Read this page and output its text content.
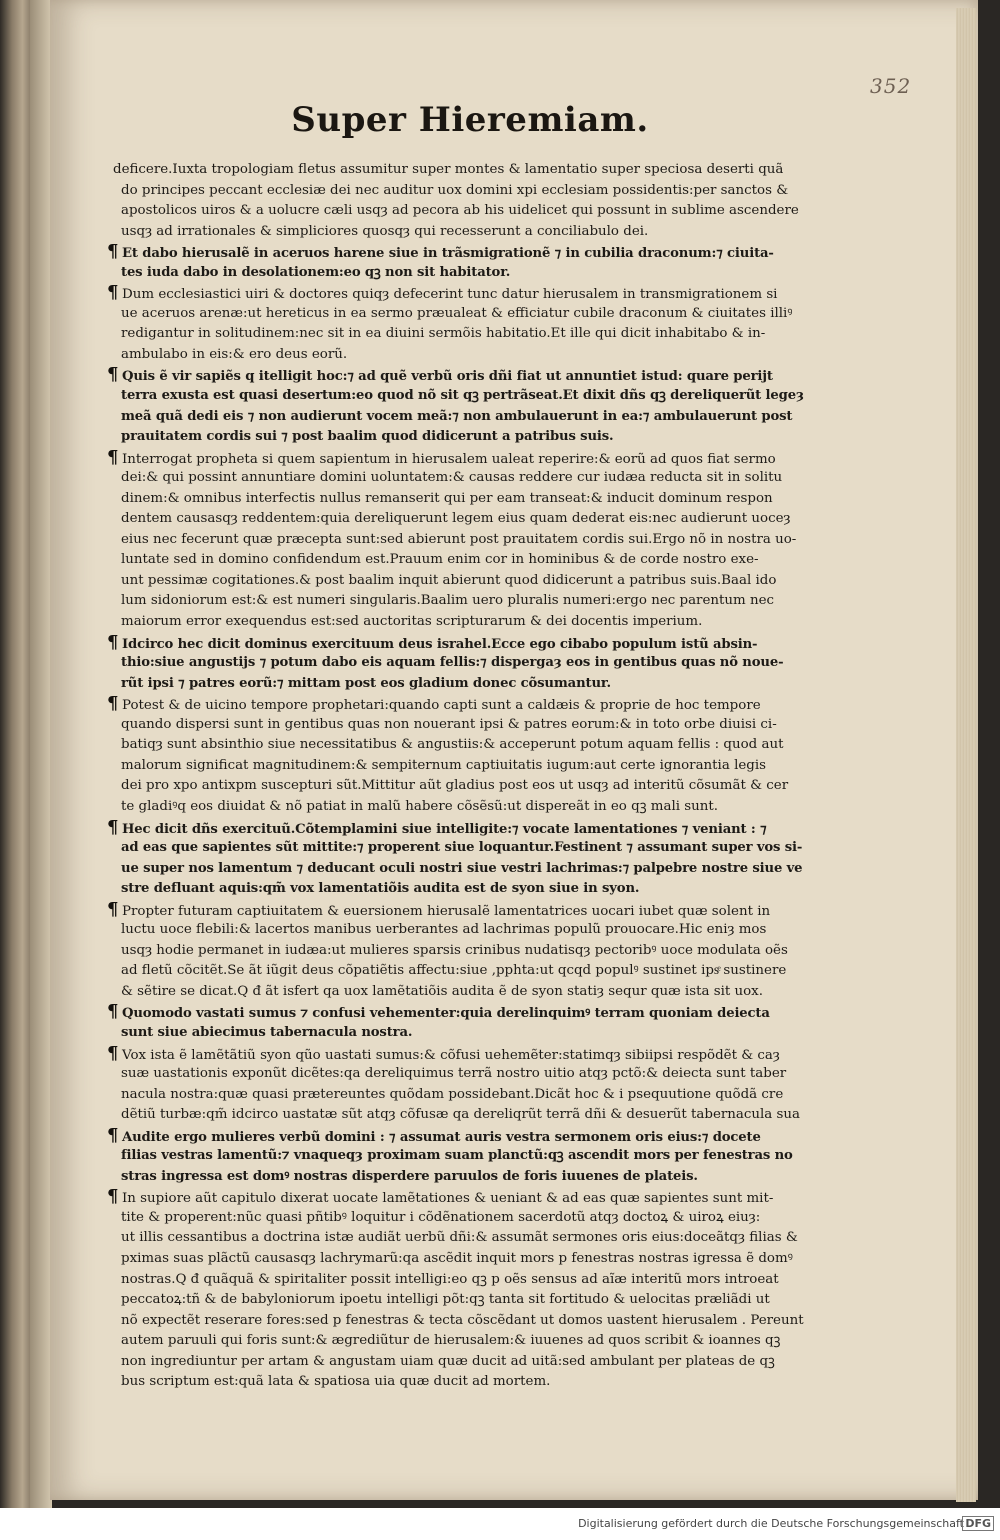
352
Super Hieremiam.
deficere.Iuxta tropologiam fletus assumitur super montes & lamentatio super speciosa deserti quã
do principes peccant ecclesiæ dei nec auditur uox domini xpi ecclesiam possidentis:per sanctos &
apostolicos uiros & a uolucre cæli usqȝ ad pecora ab his uidelicet qui possunt in sublime ascendere
usqȝ ad irrationales & simpliciores quosqȝ qui recesserunt a conciliabulo dei.
¶ Et dabo hierusalẽ in aceruos harene siue in trãsmigrationẽ ⁊ in cubilia draconum:⁊ ciuita-
tes iuda dabo in desolationem:eo qꝫ non sit habitator.
¶ Dum ecclesiastici uiri & doctores quiqȝ defecerint tunc datur hierusalem in transmigrationem si
ue aceruos arenæ:ut hereticus in ea sermo præualeat & efficiatur cubile draconum & ciuitates illiꝰ
redigantur in solitudinem:nec sit in ea diuini sermõis habitatio.Et ille qui dicit inhabitabo & in-
ambulabo in eis:& ero deus eorũ.
¶ Quis ẽ vir sapiẽs q itelligit hoc:⁊ ad quẽ verbũ oris dñi fiat ut annuntiet istud: quare perijt
terra exusta est quasi desertum:eo quod nõ sit qꝫ pertrãseat.Et dixit dñs qꝫ dereliquerũt legeȝ
meã quã dedi eis ⁊ non audierunt vocem meã:⁊ non ambulauerunt in ea:⁊ ambulauerunt post
prauitatem cordis sui ⁊ post baalim quod didicerunt a patribus suis.
¶ Interrogat propheta si quem sapientum in hierusalem ualeat reperire:& eorũ ad quos fiat sermo
dei:& qui possint annuntiare domini uoluntatem:& causas reddere cur iudæa reducta sit in solitu
dinem:& omnibus interfectis nullus remanserit qui per eam transeat:& inducit dominum respon
dentem causasqȝ reddentem:quia dereliquerunt legem eius quam dederat eis:nec audierunt uoceȝ
eius nec fecerunt quæ præcepta sunt:sed abierunt post prauitatem cordis sui.Ergo nõ in nostra uo-
luntate sed in domino confidendum est.Prauum enim cor in hominibus & de corde nostro exe-
unt pessimæ cogitationes.& post baalim inquit abierunt quod didicerunt a patribus suis.Baal ido
lum sidoniorum est:& est numeri singularis.Baalim uero pluralis numeri:ergo nec parentum nec
maiorum error exequendus est:sed auctoritas scripturarum & dei docentis imperium.
¶ Idcirco hec dicit dominus exercituum deus israhel.Ecce ego cibabo populum istũ absin-
thio:siue angustijs ⁊ potum dabo eis aquam fellis:⁊ dispergaȝ eos in gentibus quas nõ noue-
rũt ipsi ⁊ patres eorũ:⁊ mittam post eos gladium donec cõsumantur.
¶ Potest & de uicino tempore prophetari:quando capti sunt a caldæis & proprie de hoc tempore
quando dispersi sunt in gentibus quas non nouerant ipsi & patres eorum:& in toto orbe diuisi ci-
batiqȝ sunt absinthio siue necessitatibus & angustiis:& acceperunt potum aquam fellis : quod aut
malorum significat magnitudinem:& sempiternum captiuitatis iugum:aut certe ignorantia legis
dei pro xpo antixpm suscepturi sũt.Mittitur aũt gladius post eos ut usqȝ ad interitũ cõsumãt & cer
te gladiꝰq eos diuidat & nõ patiat in malũ habere cõsẽsũ:ut dispereãt in eo qꝫ mali sunt.
¶ Hec dicit dñs exercituũ.Cõtemplamini siue intelligite:⁊ vocate lamentationes ⁊ veniant : ⁊
ad eas que sapientes sũt mittite:⁊ properent siue loquantur.Festinent ⁊ assumant super vos si-
ue super nos lamentum ⁊ deducant oculi nostri siue vestri lachrimas:⁊ palpebre nostre siue ve
stre defluant aquis:qm̃ vox lamentatiõis audita est de syon siue in syon.
¶ Propter futuram captiuitatem & euersionem hierusalẽ lamentatrices uocari iubet quæ solent in
luctu uoce flebili:& lacertos manibus uerberantes ad lachrimas populũ prouocare.Hic eniȝ mos
usqȝ hodie permanet in iudæa:ut mulieres sparsis crinibus nudatisqȝ pectoribꝰ uoce modulata oẽs
ad fletũ cõcitẽt.Se ãt iũgit deus cõpatiẽtis affectu:siue ,pphta:ut qcqd populꝰ sustinet ipsͤ sustinere
& sẽtire se dicat.Q đ ãt isfert qa uox lamẽtatiõis audita ẽ de syon statiȝ sequr quæ ista sit uox.
¶ Quomodo vastati sumus ⁊ confusi vehementer:quia derelinquimꝰ terram quoniam deiecta
sunt siue abiecimus tabernacula nostra.
¶ Vox ista ẽ lamẽtãtiũ syon qũo uastati sumus:& cõfusi uehemẽter:statimqȝ sibiipsi respõdẽt & caȝ
suæ uastationis exponũt dicẽtes:qa dereliquimus terrã nostro uitio atqȝ pctõ:& deiecta sunt taber
nacula nostra:quæ quasi prætereuntes quõdam possidebant.Dicãt hoc & i psequutione quõdã cre
dẽtiũ turbæ:qm̃ idcirco uastatæ sũt atqȝ cõfusæ qa dereliqrũt terrã dñi & desuerũt tabernacula sua
¶ Audite ergo mulieres verbũ domini : ⁊ assumat auris vestra sermonem oris eius:⁊ docete
filias vestras lamentũ:⁊ vnaqueqȝ proximam suam planctũ:qꝫ ascendit mors per fenestras no
stras ingressa est domꝰ nostras disperdere paruulos de foris iuuenes de plateis.
¶ In supiore aũt capitulo dixerat uocate lamẽtationes & ueniant & ad eas quæ sapientes sunt mit-
tite & properent:nũc quasi pñtibꝰ loquitur i cõdẽnationem sacerdotũ atqȝ doctoꝝ & uiroꝝ eiuȝ:
ut illis cessantibus a doctrina istæ audiãt uerbũ dñi:& assumãt sermones oris eius:doceãtqȝ filias &
pximas suas plãctũ causasqȝ lachrymarũ:qa ascẽdit inquit mors p fenestras nostras igressa ẽ domꝰ
nostras.Q đ quãquã & spiritaliter possit intelligi:eo qꝫ p oẽs sensus ad aĩæ interitũ mors introeat
peccatoꝝ:tñ & de babyloniorum ipoetu intelligi põt:qꝫ tanta sit fortitudo & uelocitas præliãdi ut
nõ expectẽt reserare fores:sed p fenestras & tecta cõscẽdant ut domos uastent hierusalem . Pereunt
autem paruuli qui foris sunt:& ægrediũtur de hierusalem:& iuuenes ad quos scribit & ioannes qꝫ
non ingrediuntur per artam & angustam uiam quæ ducit ad uitã:sed ambulant per plateas de qꝫ
bus scriptum est:quã lata & spatiosa uia quæ ducit ad mortem.
Digitalisierung gefördert durch die Deutsche Forschungsgemeinschaft DFG
